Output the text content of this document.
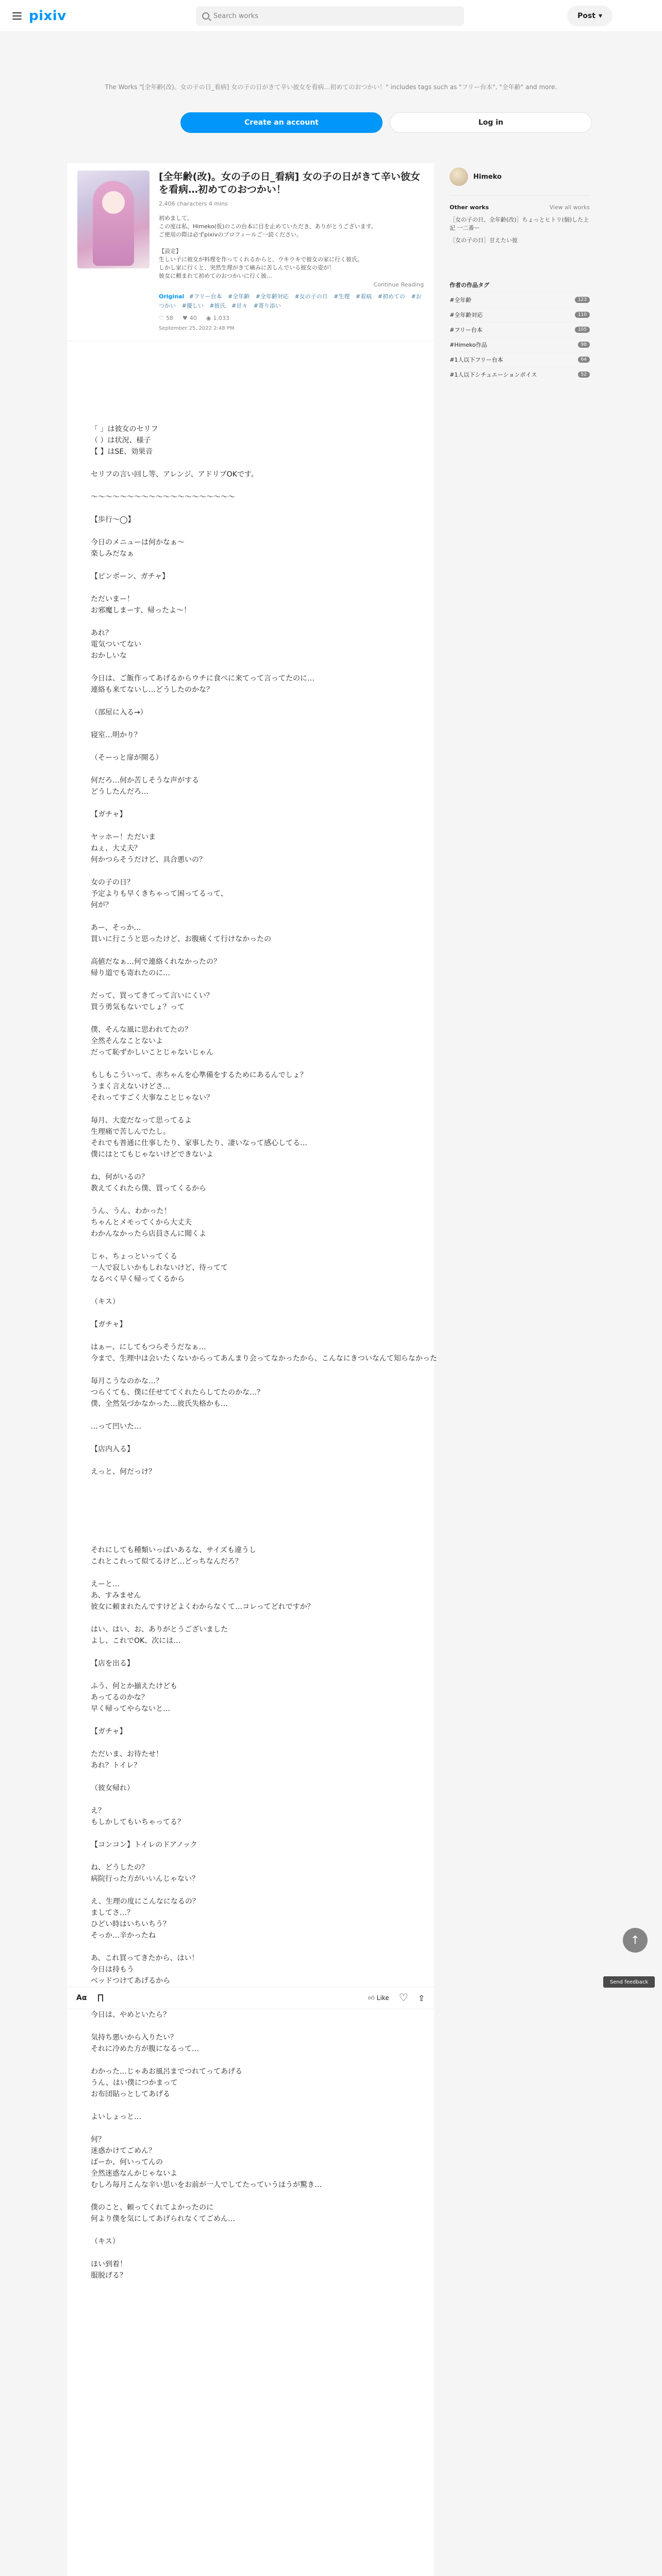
pixiv	Search works	Post ▾
The Works "[全年齢(改)。女の子の日_看病] 女の子の日がきて辛い彼女を看病…初めてのおつかい！" includes tags such as "フリー台本", "全年齢" and more.
Create an account	Log in
[全年齢(改)。女の子の日_看病] 女の子の日がきて辛い彼女を看病…初めてのおつかい！
2,406 characters 4 mins

初めまして。

この度は私、Himeko(仮)のこの台本に目を止めていただき、ありがとうございます。

ご使用の際は必ずpixivのプロフィールご一読ください。

【設定】

生しい子に彼女が料理を作ってくれるからと、ウキウキで彼女の家に行く彼氏。

しかし家に行くと、突然生理がきて痛みに苦しんでいる彼女の姿が！

彼女に頼まれて初めてのおつかいに行く彼...

Continue Reading
Original #フリー台本 #全年齢 #全年齢対応 #女の子の日 #生理 #看病 #初めての #おつかい #優しい #彼氏 #甘々 #寄り添い
♡ 58 ♥ 40 ◉ 1,033
September 25, 2022 2:48 PM
「 」は彼女のセリフ
（ ）は状況、様子
【 】はSE、効果音
セリフの言い回し等、アレンジ、アドリブOKです。
〜〜〜〜〜〜〜〜〜〜〜〜〜〜〜〜〜〜〜〜
【歩行〜◯】
今日のメニューは何かなぁ〜
楽しみだなぁ
【ピンポーン、ガチャ】
ただいまー！
お邪魔しまーす、帰ったよ〜！
あれ？
電気ついてない
おかしいな
今日は、ご飯作ってあげるからウチに食べに来てって言ってたのに…
連絡も来てないし…どうしたのかな？
（部屋に入る→）
寝室…明かり？
（そーっと扉が開る）
何だろ…何か苦しそうな声がする
どうしたんだろ…
【ガチャ】
ヤッホー！ただいま
ねぇ、大丈夫？
何かつらそうだけど、具合悪いの？
女の子の日？
予定よりも早くきちゃって困ってるって、
何が？
あー、そっか…
買いに行こうと思ったけど、お腹痛くて行けなかったの
高値だなぁ…何で連絡くれなかったの？
帰り道でも寄れたのに…
だって、買ってきてって言いにくい？
買う勇気もないでしょ？って
僕、そんな風に思われてたの？
全然そんなことないよ
だって恥ずかしいことじゃないじゃん
もしもこういって、赤ちゃんを心準備をするためにあるんでしょ？
うまく言えないけどさ…
それってすごく大事なことじゃない？
毎月、大変だなって思ってるよ
生理痛で苦しんでたし。
それでも普通に仕事したり、家事したり、凄いなって感心してる…
僕にはとてもじゃないけどできないよ
ね、何がいるの？
教えてくれたら僕、買ってくるから
うん、うん、わかった！
ちゃんとメモってくから大丈夫
わかんなかったら店員さんに聞くよ
じゃ、ちょっといってくる
一人で寂しいかもしれないけど、待ってて
なるべく早く帰ってくるから
（キス）
【ガチャ】
はぁー、にしてもつらそうだなぁ…
今まで、生理中は会いたくないからってあんまり会ってなかったから、こんなにきついなんて知らなかった
毎月こうなのかな…？
つらくても、僕に任せててくれたらしてたのかな…？
僕、全然気づかなかった…彼氏失格かも…
…って凹いた…
【店内入る】
えっと、何だっけ？

それにしても種類いっぱいあるな、サイズも違うし
これとこれって似てるけど…どっちなんだろ？
えーと…
あ、すみません
彼女に頼まれたんですけどよくわからなくて…コレってどれですか？
はい、はい、お、ありがとうございました
よし、これでOK、次には…
【店を出る】
ふう、何とか揃えたけども
あってるのかな？
早く帰ってやらないと…
【ガチャ】
ただいま、お待たせ！
あれ？トイレ？
（彼女帰れ）
え？
もしかしてもいちゃってる？
【コンコン】トイレのドアノック
ね、どうしたの？
病院行った方がいいんじゃない？
え、生理の度にこんなになるの？
ましてさ…？
ひどい時はいちいちう？
そっか…辛かったね
あ、これ買ってきたから、はい！
今日は持もう
ベッドつけてあげるから
今日は、やめといたら？
気持ち悪いから入りたい？
それに冷めた方が腹になるって…
わかった…じゃあお風呂までつれてってあげる
うん、はい僕につかまって
お布団貼っとしてあげる
よいしょっと…
何？
迷惑かけてごめん？
ばーか、何いってんの
全然迷惑なんかじゃないよ
むしろ毎月こんな辛い思いをお前が一人でしてたっていうほうが驚き…
僕のこと、頼ってくれてよかったのに
何より僕を気にしてあげられなくてごめん…
（キス）
ほい到着！
服脱げる？
Himeko
Other works	View all works
［女の子の日、全年齢(改)］ちょっとヒトリ(個)した上記 一二番ー
［女の子の日］甘えたい彼
作者の作品タグ
#全年齢	123
#全年齢対応	110
#フリー台本	105
#Himeko作品	98
#1人以下フリー台本	64
#1人以下シチュエーションボイス	52
Aα	👍︎ Like ♡	⇪
↑
Send feedback
